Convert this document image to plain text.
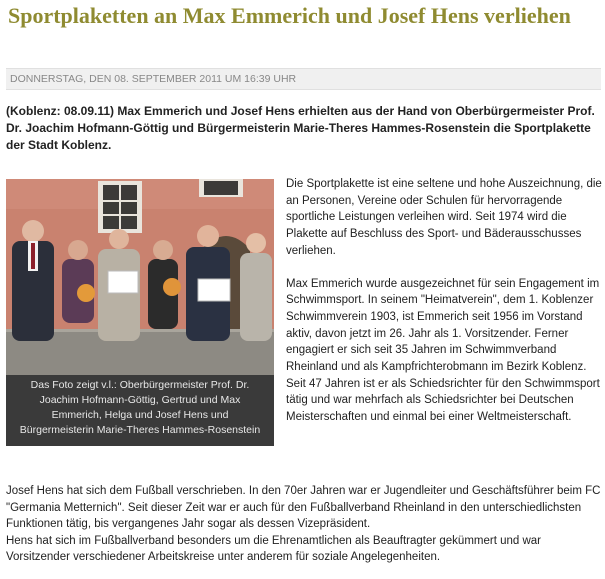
Sportplaketten an Max Emmerich und Josef Hens verliehen
DONNERSTAG, DEN 08. SEPTEMBER 2011 UM 16:39 UHR

(Koblenz: 08.09.11) Max Emmerich und Josef Hens erhielten aus der Hand von Oberbürgermeister Prof. Dr. Joachim Hofmann-Göttig und Bürgermeisterin Marie-Theres Hammes-Rosenstein die Sportplakette der Stadt Koblenz.

Das Foto zeigt v.l.: Oberbürgermeister Prof. Dr. Joachim Hofmann-Göttig, Gertrud und Max Emmerich, Helga und Josef Hens und Bürgermeisterin Marie-Theres Hammes-Rosenstein

Die Sportplakette ist eine seltene und hohe Auszeichnung, die an Personen, Vereine oder Schulen für hervorragende sportliche Leistungen verleihen wird. Seit 1974 wird die Plakette auf Beschluss des Sport- und Bäderausschusses verliehen.

Max Emmerich wurde ausgezeichnet für sein Engagement im Schwimmsport. In seinem "Heimatverein", dem 1. Koblenzer Schwimmverein 1903, ist Emmerich seit 1956 im Vorstand aktiv, davon jetzt im 26. Jahr als 1. Vorsitzender. Ferner engagiert er sich seit 35 Jahren im Schwimmverband Rheinland und als Kampfrichterobmann im Bezirk Koblenz. Seit 47 Jahren ist er als Schiedsrichter für den Schwimmsport tätig und war mehrfach als Schiedsrichter bei Deutschen Meisterschaften und einmal bei einer Weltmeisterschaft.

Josef Hens hat sich dem Fußball verschrieben. In den 70er Jahren war er Jugendleiter und Geschäftsführer beim FC "Germania Metternich". Seit dieser Zeit war er auch für den Fußballverband Rheinland in den unterschiedlichsten Funktionen tätig, bis vergangenes Jahr sogar als dessen Vizepräsident.

Hens hat sich im Fußballverband besonders um die Ehrenamtlichen als Beauftragter gekümmert und war Vorsitzender verschiedener Arbeitskreise unter anderem für soziale Angelegenheiten.
